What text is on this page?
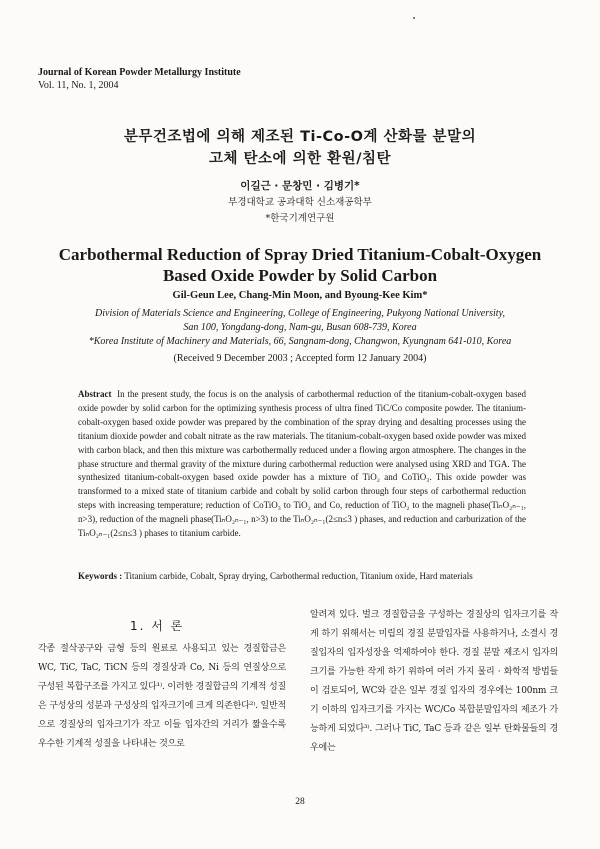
Journal of Korean Powder Metallurgy Institute
Vol. 11, No. 1, 2004
분무건조법에 의해 제조된 Ti-Co-O계 산화물 분말의
고체 탄소에 의한 환원/침탄
이길근 · 문창민 · 김병기*
부경대학교 공과대학 신소재공학부
*한국기계연구원
Carbothermal Reduction of Spray Dried Titanium-Cobalt-Oxygen
Based Oxide Powder by Solid Carbon
Gil-Geun Lee, Chang-Min Moon, and Byoung-Kee Kim*
Division of Materials Science and Engineering, College of Engineering, Pukyong National University,
San 100, Yongdang-dong, Nam-gu, Busan 608-739, Korea
*Korea Institute of Machinery and Materials, 66, Sangnam-dong, Changwon, Kyungnam 641-010, Korea
(Received 9 December 2003 ; Accepted form 12 January 2004)
Abstract In the present study, the focus is on the analysis of carbothermal reduction of the titanium-cobalt-oxygen based oxide powder by solid carbon for the optimizing synthesis process of ultra fined TiC/Co composite powder. The titanium-cobalt-oxygen based oxide powder was prepared by the combination of the spray drying and desalting processes using the titanium dioxide powder and cobalt nitrate as the raw materials. The titanium-cobalt-oxygen based oxide powder was mixed with carbon black, and then this mixture was carbothermally reduced under a flowing argon atmosphere. The changes in the phase structure and thermal gravity of the mixture during carbothermal reduction were analysed using XRD and TGA. The synthesized titanium-cobalt-oxygen based oxide powder has a mixture of TiO₂ and CoTiO₃. This oxide powder was transformed to a mixed state of titanium carbide and cobalt by solid carbon through four steps of carbothermal reduction steps with increasing temperature; reduction of CoTiO₃ to TiO₂ and Co, reduction of TiO₂ to the magneli phase(TiₙO₂ₙ₋₁, n>3), reduction of the magneli phase(TiₙO₂ₙ₋₁, n>3) to the TiₙO₂ₙ₋₁(2≤n≤3 ) phases, and reduction and carburization of the TiₙO₂ₙ₋₁(2≤n≤3 ) phases to titanium carbide.
Keywords : Titanium carbide, Cobalt, Spray drying, Carbothermal reduction, Titanium oxide, Hard materials
1. 서 론
각종 절삭공구와 금형 등의 원료로 사용되고 있는 경질합금은 WC, TiC, TaC, TiCN 등의 경질상과 Co, Ni 등의 연질상으로 구성된 복합구조를 가지고 있다¹⁾. 이러한 경질합금의 기계적 성질은 구성상의 성분과 구성상의 입자크기에 크게 의존한다²⁾. 일반적으로 경질상의 입자크기가 작고 이들 입자간의 거리가 짧을수록 우수한 기계적 성질을 나타내는 것으로
알려져 있다. 벌크 경질합금을 구성하는 경질상의 입자크기를 작게 하기 위해서는 미립의 경질 분말입자를 사용하거나, 소결시 경질입자의 입자성장을 억제하여야 한다. 경질 분말 제조시 입자의 크기를 가능한 작게 하기 위하여 여러 가지 물리 · 화학적 방법들이 검토되어, WC와 같은 일부 경질 입자의 경우에는 100nm 크기 이하의 입자크기를 가지는 WC/Co 복합분말입자의 제조가 가능하게 되었다³⁾. 그러나 TiC, TaC 등과 같은 일부 탄화물들의 경우에는
28
